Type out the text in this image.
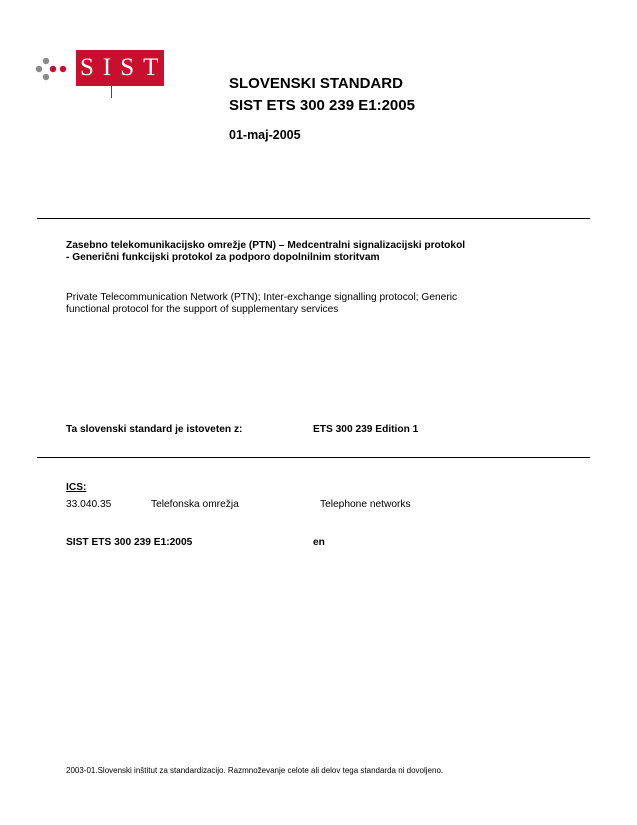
SIST
SLOVENSKI STANDARD
SIST ETS 300 239 E1:2005
01-maj-2005
Zasebno telekomunikacijsko omrežje (PTN) – Medcentralni signalizacijski protokol
- Generični funkcijski protokol za podporo dopolnilnim storitvam
Private Telecommunication Network (PTN); Inter-exchange signalling protocol; Generic
functional protocol for the support of supplementary services
Ta slovenski standard je istoveten z:	ETS 300 239 Edition 1
ICS:
33.040.35	Telefonska omrežja	Telephone networks
SIST ETS 300 239 E1:2005	en
2003-01.Slovenski inštitut za standardizacijo. Razmnoževanje celote ali delov tega standarda ni dovoljeno.
